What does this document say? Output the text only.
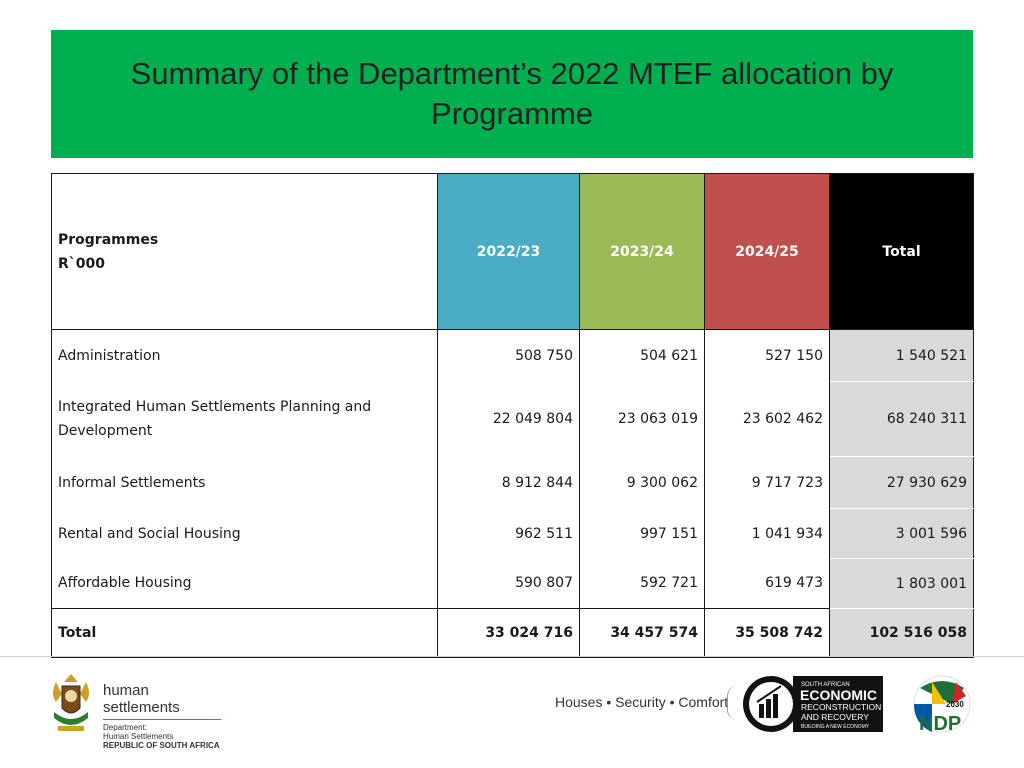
Summary of the Department’s 2022 MTEF allocation by Programme
Programmes
R`000	2022/23	2023/24	2024/25	Total
Administration	508 750	504 621	527 150	1 540 521
Integrated Human Settlements Planning and Development	22 049 804	23 063 019	23 602 462	68 240 311
Informal Settlements	8 912 844	9 300 062	9 717 723	27 930 629
Rental and Social Housing	962 511	997 151	1 041 934	3 001 596
Affordable Housing	590 807	592 721	619 473	1 803 001
Total	33 024 716	34 457 574	35 508 742	102 516 058
human settlements
Department:
Human Settlements
REPUBLIC OF SOUTH AFRICA
Houses • Security • Comfort
SOUTH AFRICAN
ECONOMIC
RECONSTRUCTION
AND RECOVERY
BUILDING A NEW ECONOMY
2030
NDP
